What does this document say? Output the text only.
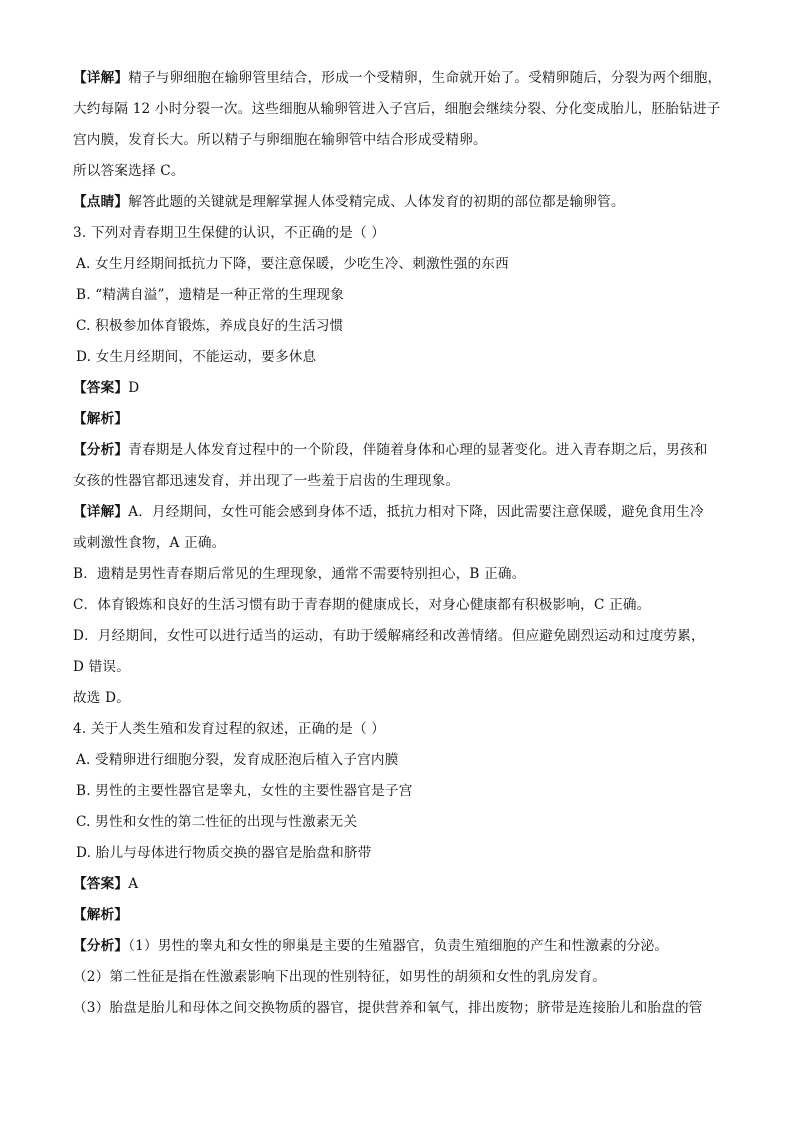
【详解】精子与卵细胞在输卵管里结合，形成一个受精卵，生命就开始了。受精卵随后，分裂为两个细胞，
大约每隔 12 小时分裂一次。这些细胞从输卵管进入子宫后，细胞会继续分裂、分化变成胎儿，胚胎钻进子
宫内膜，发育长大。所以精子与卵细胞在输卵管中结合形成受精卵。
所以答案选择 C。
【点睛】解答此题的关键就是理解掌握人体受精完成、人体发育的初期的部位都是输卵管。
3. 下列对青春期卫生保健的认识，不正确的是（ ）
A. 女生月经期间抵抗力下降，要注意保暖，少吃生冷、刺激性强的东西
B. “精满自溢”，遗精是一种正常的生理现象
C. 积极参加体育锻炼，养成良好的生活习惯
D. 女生月经期间，不能运动，要多休息
【答案】D
【解析】
【分析】青春期是人体发育过程中的一个阶段，伴随着身体和心理的显著变化。进入青春期之后，男孩和
女孩的性器官都迅速发育，并出现了一些羞于启齿的生理现象。
【详解】A．月经期间，女性可能会感到身体不适，抵抗力相对下降，因此需要注意保暖，避免食用生冷
或刺激性食物，A 正确。
B．遗精是男性青春期后常见的生理现象，通常不需要特别担心，B 正确。
C．体育锻炼和良好的生活习惯有助于青春期的健康成长，对身心健康都有积极影响，C 正确。
D．月经期间，女性可以进行适当的运动，有助于缓解痛经和改善情绪。但应避免剧烈运动和过度劳累，
D 错误。
故选 D。
4. 关于人类生殖和发育过程的叙述，正确的是（ ）
A. 受精卵进行细胞分裂，发育成胚泡后植入子宫内膜
B. 男性的主要性器官是睾丸，女性的主要性器官是子宫
C. 男性和女性的第二性征的出现与性激素无关
D. 胎儿与母体进行物质交换的器官是胎盘和脐带
【答案】A
【解析】
【分析】（1）男性的睾丸和女性的卵巢是主要的生殖器官，负责生殖细胞的产生和性激素的分泌。
（2）第二性征是指在性激素影响下出现的性别特征，如男性的胡须和女性的乳房发育。
（3）胎盘是胎儿和母体之间交换物质的器官，提供营养和氧气，排出废物；脐带是连接胎儿和胎盘的管
